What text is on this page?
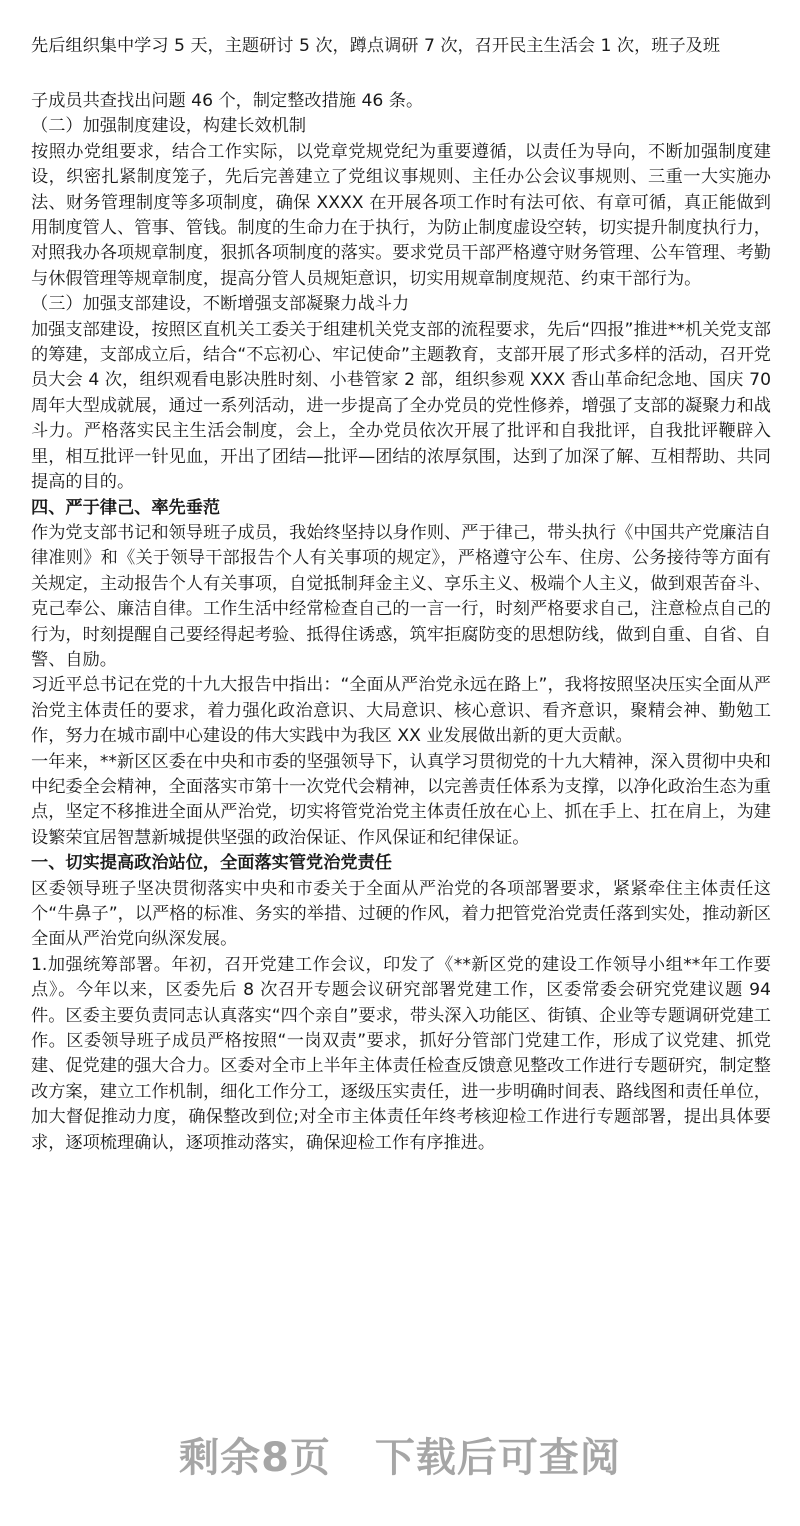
先后组织集中学习 5 天，主题研讨 5 次，蹲点调研 7 次，召开民主生活会 1 次，班子及班

子成员共查找出问题 46 个，制定整改措施 46 条。

（二）加强制度建设，构建长效机制

按照办党组要求，结合工作实际，以党章党规党纪为重要遵循，以责任为导向，不断加强制度建设，织密扎紧制度笼子，先后完善建立了党组议事规则、主任办公会议事规则、三重一大实施办法、财务管理制度等多项制度，确保 XXXX 在开展各项工作时有法可依、有章可循，真正能做到用制度管人、管事、管钱。制度的生命力在于执行，为防止制度虚设空转，切实提升制度执行力，对照我办各项规章制度，狠抓各项制度的落实。要求党员干部严格遵守财务管理、公车管理、考勤与休假管理等规章制度，提高分管人员规矩意识，切实用规章制度规范、约束干部行为。

（三）加强支部建设，不断增强支部凝聚力战斗力

加强支部建设，按照区直机关工委关于组建机关党支部的流程要求，先后“四报”推进**机关党支部的筹建，支部成立后，结合“不忘初心、牢记使命”主题教育，支部开展了形式多样的活动，召开党员大会 4 次，组织观看电影决胜时刻、小巷管家 2 部，组织参观 XXX 香山革命纪念地、国庆 70 周年大型成就展，通过一系列活动，进一步提高了全办党员的党性修养，增强了支部的凝聚力和战斗力。严格落实民主生活会制度，会上，全办党员依次开展了批评和自我批评，自我批评鞭辟入里，相互批评一针见血，开出了团结—批评—团结的浓厚氛围，达到了加深了解、互相帮助、共同提高的目的。

四、严于律己、率先垂范

作为党支部书记和领导班子成员，我始终坚持以身作则、严于律己，带头执行《中国共产党廉洁自律准则》和《关于领导干部报告个人有关事项的规定》，严格遵守公车、住房、公务接待等方面有关规定，主动报告个人有关事项，自觉抵制拜金主义、享乐主义、极端个人主义，做到艰苦奋斗、克己奉公、廉洁自律。工作生活中经常检查自己的一言一行，时刻严格要求自己，注意检点自己的行为，时刻提醒自己要经得起考验、抵得住诱惑，筑牢拒腐防变的思想防线，做到自重、自省、自警、自励。

习近平总书记在党的十九大报告中指出：“全面从严治党永远在路上”，我将按照坚决压实全面从严治党主体责任的要求，着力强化政治意识、大局意识、核心意识、看齐意识，聚精会神、勤勉工作，努力在城市副中心建设的伟大实践中为我区 XX 业发展做出新的更大贡献。

一年来，**新区区委在中央和市委的坚强领导下，认真学习贯彻党的十九大精神，深入贯彻中央和中纪委全会精神，全面落实市第十一次党代会精神，以完善责任体系为支撑，以净化政治生态为重点，坚定不移推进全面从严治党，切实将管党治党主体责任放在心上、抓在手上、扛在肩上，为建设繁荣宜居智慧新城提供坚强的政治保证、作风保证和纪律保证。

一、切实提高政治站位，全面落实管党治党责任

区委领导班子坚决贯彻落实中央和市委关于全面从严治党的各项部署要求，紧紧牵住主体责任这个“牛鼻子”，以严格的标准、务实的举措、过硬的作风，着力把管党治党责任落到实处，推动新区全面从严治党向纵深发展。

1.加强统筹部署。年初，召开党建工作会议，印发了《**新区党的建设工作领导小组**年工作要点》。今年以来，区委先后 8 次召开专题会议研究部署党建工作，区委常委会研究党建议题 94 件。区委主要负责同志认真落实“四个亲自”要求，带头深入功能区、街镇、企业等专题调研党建工作。区委领导班子成员严格按照“一岗双责”要求，抓好分管部门党建工作，形成了议党建、抓党建、促党建的强大合力。区委对全市上半年主体责任检查反馈意见整改工作进行专题研究，制定整改方案，建立工作机制，细化工作分工，逐级压实责任，进一步明确时间表、路线图和责任单位，加大督促推动力度，确保整改到位;对全市主体责任年终考核迎检工作进行专题部署，提出具体要求，逐项梳理确认，逐项推动落实，确保迎检工作有序推进。

剩余8页 下载后可查阅
